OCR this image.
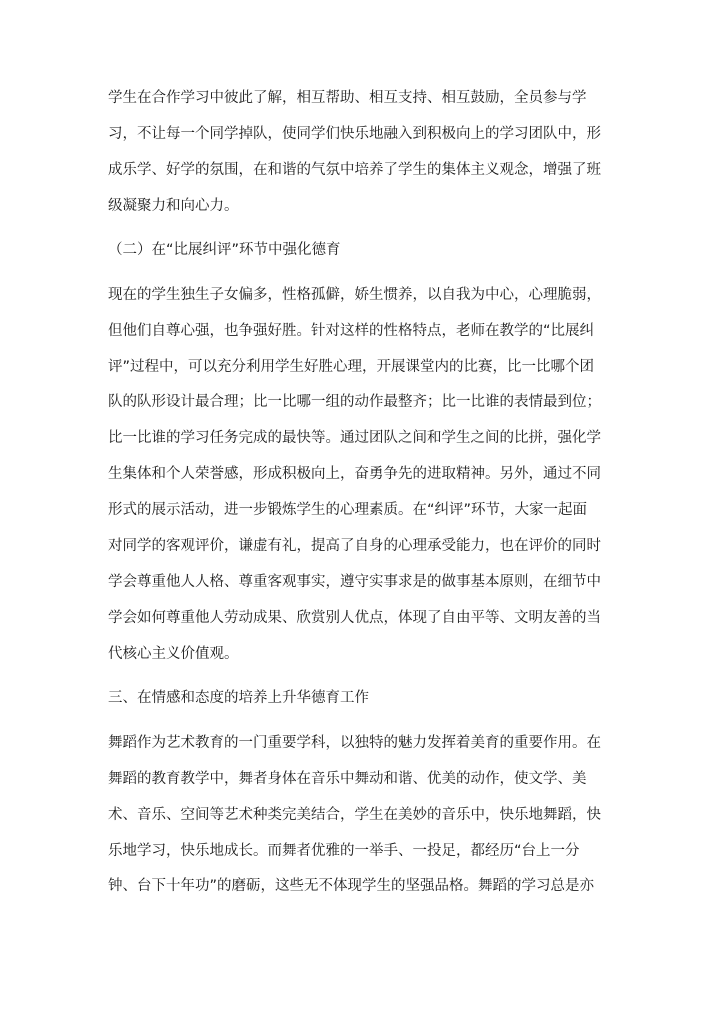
学生在合作学习中彼此了解，相互帮助、相互支持、相互鼓励，全员参与学
习，不让每一个同学掉队，使同学们快乐地融入到积极向上的学习团队中，形
成乐学、好学的氛围，在和谐的气氛中培养了学生的集体主义观念，增强了班
级凝聚力和向心力。
（二）在“比展纠评”环节中强化德育
现在的学生独生子女偏多，性格孤僻，娇生惯养，以自我为中心，心理脆弱，
但他们自尊心强，也争强好胜。针对这样的性格特点，老师在教学的“比展纠
评”过程中，可以充分利用学生好胜心理，开展课堂内的比赛，比一比哪个团
队的队形设计最合理；比一比哪一组的动作最整齐；比一比谁的表情最到位；
比一比谁的学习任务完成的最快等。通过团队之间和学生之间的比拼，强化学
生集体和个人荣誉感，形成积极向上，奋勇争先的进取精神。另外，通过不同
形式的展示活动，进一步锻炼学生的心理素质。在“纠评”环节，大家一起面
对同学的客观评价，谦虚有礼，提高了自身的心理承受能力，也在评价的同时
学会尊重他人人格、尊重客观事实，遵守实事求是的做事基本原则，在细节中
学会如何尊重他人劳动成果、欣赏别人优点，体现了自由平等、文明友善的当
代核心主义价值观。
三、在情感和态度的培养上升华德育工作
舞蹈作为艺术教育的一门重要学科，以独特的魅力发挥着美育的重要作用。在
舞蹈的教育教学中，舞者身体在音乐中舞动和谐、优美的动作，使文学、美
术、音乐、空间等艺术种类完美结合，学生在美妙的音乐中，快乐地舞蹈，快
乐地学习，快乐地成长。而舞者优雅的一举手、一投足，都经历“台上一分
钟、台下十年功”的磨砺，这些无不体现学生的坚强品格。舞蹈的学习总是亦
